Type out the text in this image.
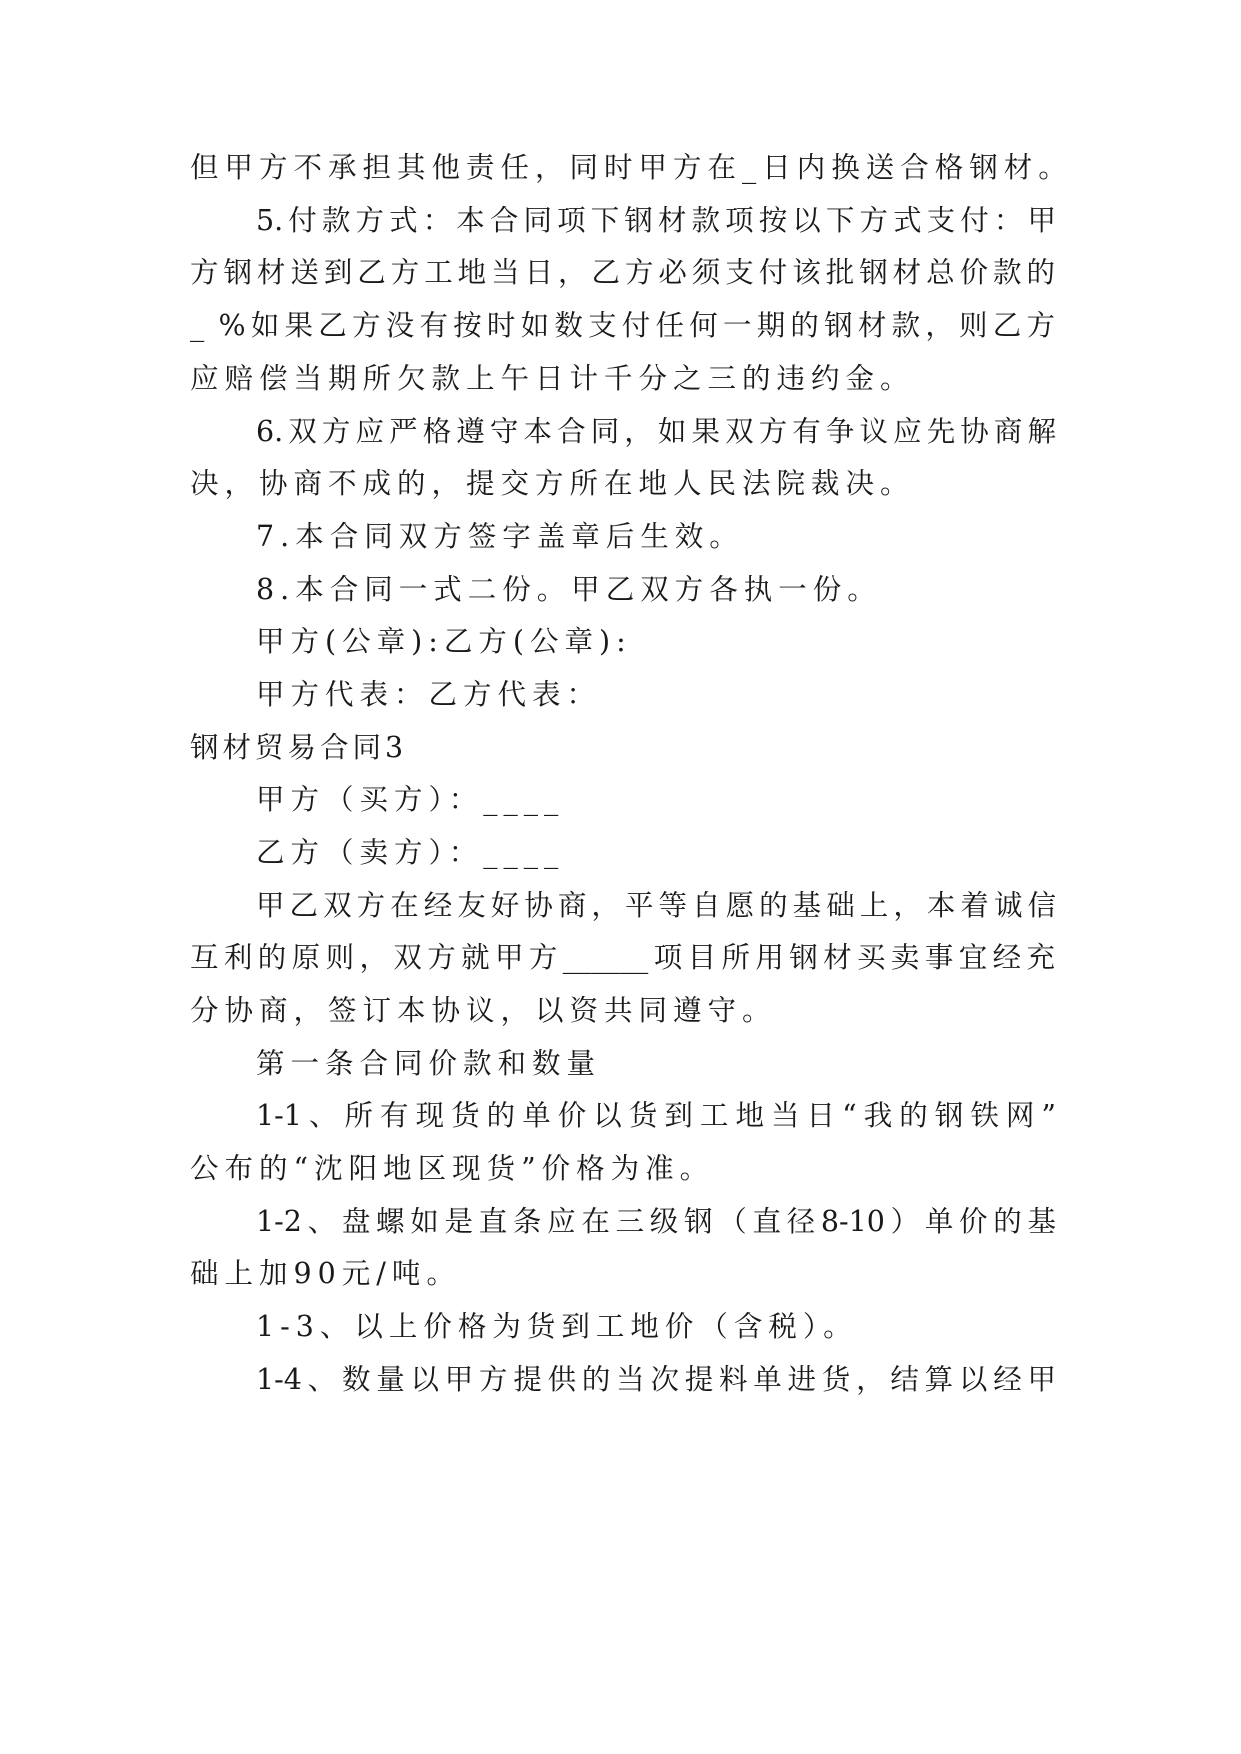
但甲方不承担其他责任，同时甲方在_日内换送合格钢材。
5.付款方式：本合同项下钢材款项按以下方式支付：甲
方钢材送到乙方工地当日，乙方必须支付该批钢材总价款的
_ %如果乙方没有按时如数支付任何一期的钢材款，则乙方
应赔偿当期所欠款上午日计千分之三的违约金。
6.双方应严格遵守本合同，如果双方有争议应先协商解
决，协商不成的，提交方所在地人民法院裁决。
7.本合同双方签字盖章后生效。
8.本合同一式二份。甲乙双方各执一份。
甲方(公章):乙方(公章):
甲方代表：乙方代表：
钢材贸易合同3
甲方（买方）：____
乙方（卖方）：____
甲乙双方在经友好协商，平等自愿的基础上，本着诚信
互利的原则，双方就甲方______项目所用钢材买卖事宜经充
分协商，签订本协议，以资共同遵守。
第一条合同价款和数量
1-1、所有现货的单价以货到工地当日“我的钢铁网”
公布的“沈阳地区现货”价格为准。
1-2、盘螺如是直条应在三级钢（直径8-10）单价的基
础上加90元/吨。
1-3、以上价格为货到工地价（含税）。
1-4、数量以甲方提供的当次提料单进货，结算以经甲
